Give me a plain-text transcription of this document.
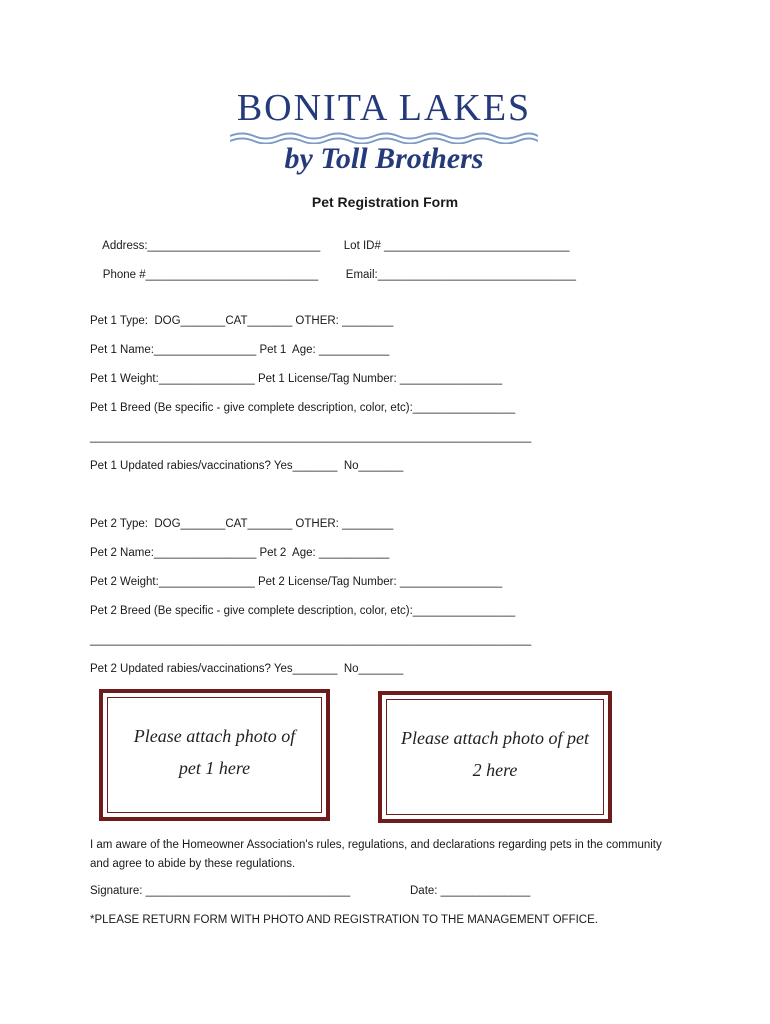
BONITA LAKES
by Toll Brothers
Pet Registration Form

Address:___________________________
	Lot ID# _____________________________

Phone #___________________________
	Email:_______________________________

Pet 1 Type:  DOG_______CAT_______ OTHER: ________
Pet 1 Name:________________ Pet 1  Age: ___________
Pet 1 Weight:_______________ Pet 1 License/Tag Number: ________________
Pet 1 Breed (Be specific - give complete description, color, etc):________________
_____________________________________________________________________
Pet 1 Updated rabies/vaccinations? Yes_______  No_______
Pet 2 Type:  DOG_______CAT_______ OTHER: ________
Pet 2 Name:________________ Pet 2  Age: ___________
Pet 2 Weight:_______________ Pet 2 License/Tag Number: ________________
Pet 2 Breed (Be specific - give complete description, color, etc):________________
_____________________________________________________________________
Pet 2 Updated rabies/vaccinations? Yes_______  No_______
Please attach photo of
pet 1 here
Please attach photo of pet
2 here
I am aware of the Homeowner Association's rules, regulations, and declarations regarding pets in the community and agree to abide by these regulations.
Signature: ________________________________	Date: ______________
*PLEASE RETURN FORM WITH PHOTO AND REGISTRATION TO THE MANAGEMENT OFFICE.
